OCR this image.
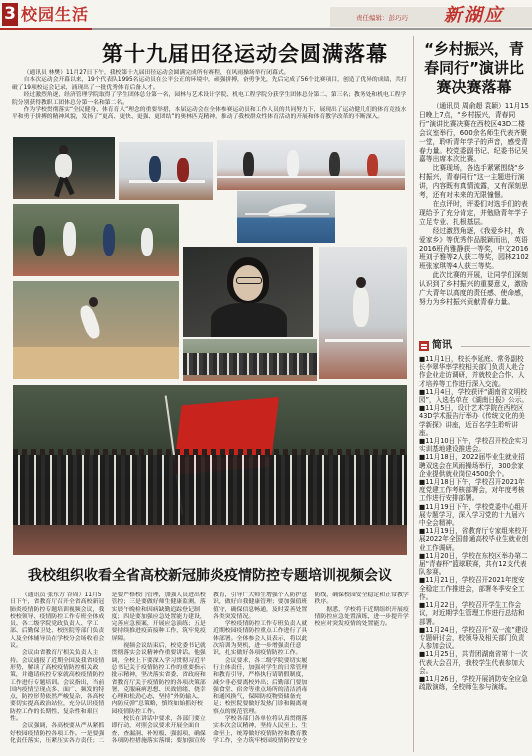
3 校园生活	责任编辑：彭巧巧 新湖应
第十九届田径运动会圆满落幕

（通讯员 林樊）11月27日下午，我校第十九届田径运动会圆满完成所有赛程，在风雨操场举行闭幕式。

自本次运动会开幕以来，19个代表队1995名运动员在公平公正的环境中，顽强拼搏，奋勇争先，先后完成了56个比赛项目，创造了优异的成绩，共打破了19项校运会记录，涌现出了一批优秀体育后备人才。

经过激烈角逐，经济管理学院取得了学生团体总分第一名，园林与艺术设计学院、机电工程学院分获学生团体总分第二、第三名；教务处和机电工程学院分别获得教职工团体总分第一名和第二名。

作为学校贯彻落实“全民健身、体育育人”理念的重要举措，本届运动会在全体参赛运动员和工作人员的共同努力下，展现出了运动健儿们的体育竞技水平和勇于拼搏的精神风貌，发扬了“更高、更快、更强、更团结”的奥林匹克精神，推动了我校群众性体育活动的开展和体育教学改革的不断深入。

我校组织收看全省高校新冠肺炎疫情防控专题培训视频会议

（通讯员 张东方 谷周）11月5日下午，省教育厅召开全省高校新冠肺炎疫情防控专题培训视频会议，我校校领导、疫情防控工作专班全体成员、各二级学院党政负责人、学工部、后勤保卫处、校医院等部门负责人及全体辅导员在学校分会场收看会议。

会议由省教育厅相关负责人主持。会议通报了近期全国及我省疫情形势，解读了高校疫情防控相关政策，并邀请疾控专家就高校疫情防控工作进行专题培训。会议指出，当前国内疫情呈现点多、面广、频发的特点，防控形势依然严峻复杂，各高校要切实提高政治站位，充分认识疫情防控工作的长期性、复杂性和艰巨性。

会议强调，各高校要从严从紧抓好校园疫情防控各项工作。一是要强化责任落实，压紧压实各方责任；二是要严格校门管理，加强人员进出校管控；三是要做好师生健康监测，落实晨午晚检和因病缺勤追踪登记制度；四是要加强应急处置能力建设，完善应急预案，开展应急演练；五是要持续推进疫苗接种工作，筑牢免疫屏障。

视频会议结束后，校党委书记就贯彻落实会议精神作重要讲话。他强调，全校上下要深入学习贯彻习近平总书记关于疫情防控工作的重要指示批示精神，坚决落实省委、省政府和省教育厅关于疫情防控的各项决策部署，克服麻痹思想、厌战情绪、侥幸心理和松劲心态，坚持“外防输入、内防反弹”总策略，慎终如始抓好校园疫情防控工作。

校长在讲话中要求，各部门要立即行动，对照会议要求开展全面自查，查漏洞、补短板、强弱项，确保各项防控措施落实落细；要加强宣传教育，引导广大师生增强个人防护意识，做好自我健康管理；要加强值班值守，确保信息畅通，及时妥善处置各类突发情况。

学校疫情防控工作专班负责人就近期校园疫情防控重点工作进行了具体部署。全体参会人员表示，将以此次培训为契机，进一步增强责任意识，扎实做好各项疫情防控工作。

会议要求，各二级学院要切实履行主体责任，加强对学生的日常管理和教育引导，严格执行请销假制度，减少非必要离校外出；后勤部门要加强食堂、宿舍等重点场所的清洁消毒和通风换气，保障防疫物资储备充足；校医院要做好发热门诊和隔离观察点的规范管理。

学校各部门各单位将认真贯彻落实本次会议精神，坚持人民至上、生命至上，统筹做好疫情防控和教育教学工作，全力筑牢校园疫情防控安全防线，确保校园安全稳定和正常教学秩序。

据悉，学校将于近期组织开展疫情防控应急处置演练，进一步提升学校应对突发疫情的处置能力。

“乡村振兴，青春同行”演讲比赛决赛落幕

（通讯员 周俞超 袁颖）11月15日晚上7点，“乡村振兴，青春同行”演讲比赛决赛在西校区43D二楼会议室举行，600余名师生代表齐聚一堂，聆听青年学子的声音，感受青春力量。校党委副书记、纪委书记吴嘉等出席本次比赛。

比赛现场，各选手紧紧围绕“乡村振兴，青春同行”这一主题进行演讲，内容既有真情流露，又有深刻思考，还有对未来的无限憧憬。

在点评时，评委们对选手们的表现给予了充分肯定，并勉励青年学子立足专业、扎根基层。

经过激烈角逐，《我爱乡村，我爱家乡》等优秀作品脱颖而出，英语2016班肖雅静获一等奖，中文2016班刘子雅等2人获二等奖，园林2102班张家琪等4人获三等奖。

此次比赛的开展，让同学们深刻认识到了乡村振兴的重要意义，激励广大青年以高度的责任感、使命感，努力为乡村振兴贡献青春力量。

简讯

■11月1日，校长李延庭、常务副校长李翠华率学校相关部门负责人赴合作企业走访调研，并就校企合作、人才培养等工作进行深入交流。

■11月4日，学校获评“湖南省文明校园”，入选名单在《湖南日报》公示。

■11月5日，设计艺术学院在西校区43D学术报告厅举办《传统文化的美学新探》讲座，近百名学生聆听讲座。

■11月10日下午，学校召开校企实习实训基地建设推进会。

■11月18日，2022届毕业生就业招聘双选会在风雨操场举行，300余家企业提供就业岗位4500余个。

■11月18日下午，学校召开2021年度党建工作考核部署会，对年度考核工作进行安排部署。

■11月19日下午，学校党委中心组开展专题学习，深入学习党的十九届六中全会精神。

■11月19日，省教育厅专家组来校开展2022年全国普通高校毕业生就业创业工作调研。

■11月20日，学校在东校区举办第二届“青春杯”篮球联赛，共有12支代表队参赛。

■11月21日，学校召开2021年度安全稳定工作推进会，部署冬季安全工作。

■11月22日，学校召开学生工作会议，对近期学生管理工作进行总结和部署。

■11月24日，学校召开“双一流”建设专题研讨会，校领导及相关部门负责人参加会议。

■11月25日，共青团湖南省第十一次代表大会召开，我校学生代表参加大会。

■11月26日，学校开展消防安全应急疏散演练，全校师生参与演练。
